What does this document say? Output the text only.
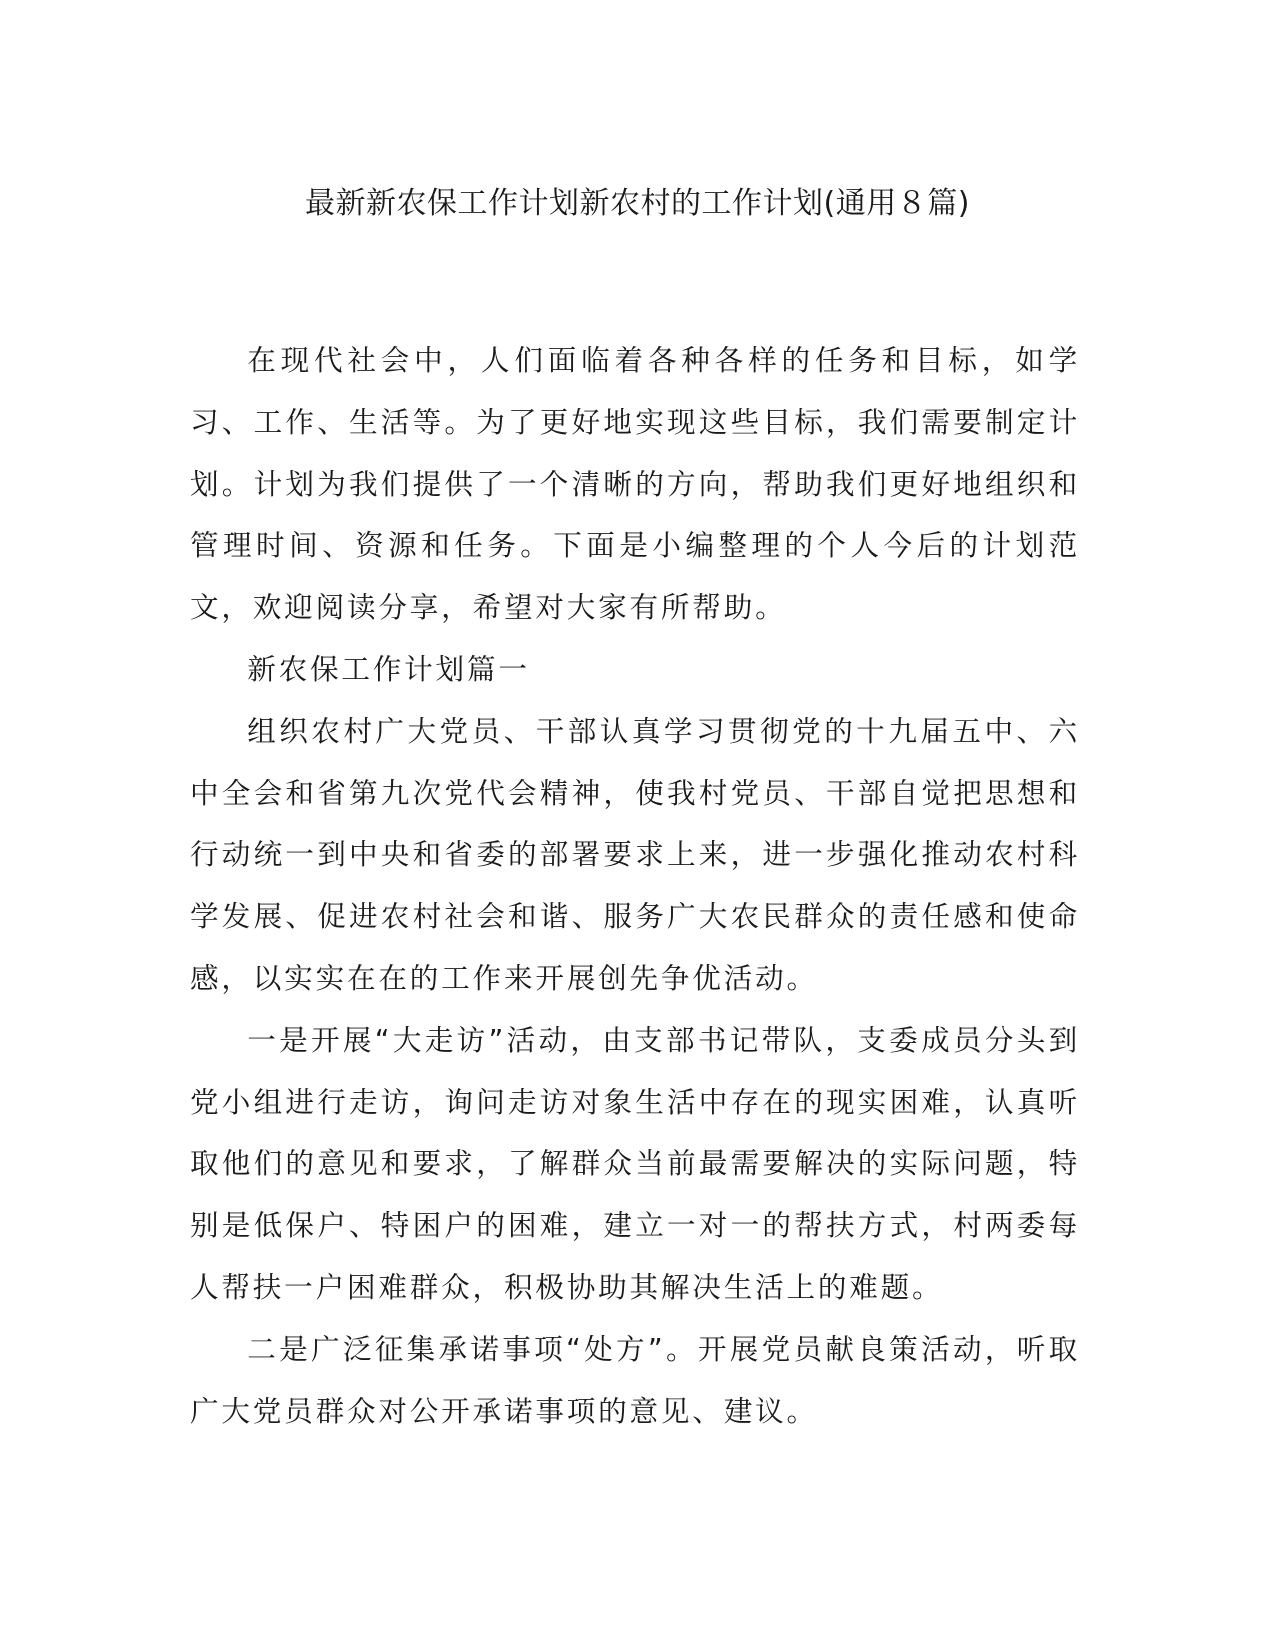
最新新农保工作计划新农村的工作计划(通用８篇)

在现代社会中，人们面临着各种各样的任务和目标，如学习、工作、生活等。为了更好地实现这些目标，我们需要制定计划。计划为我们提供了一个清晰的方向，帮助我们更好地组织和管理时间、资源和任务。下面是小编整理的个人今后的计划范文，欢迎阅读分享，希望对大家有所帮助。

新农保工作计划篇一

组织农村广大党员、干部认真学习贯彻党的十九届五中、六中全会和省第九次党代会精神，使我村党员、干部自觉把思想和行动统一到中央和省委的部署要求上来，进一步强化推动农村科学发展、促进农村社会和谐、服务广大农民群众的责任感和使命感，以实实在在的工作来开展创先争优活动。

一是开展“大走访”活动，由支部书记带队，支委成员分头到党小组进行走访，询问走访对象生活中存在的现实困难，认真听取他们的意见和要求，了解群众当前最需要解决的实际问题，特别是低保户、特困户的困难，建立一对一的帮扶方式，村两委每人帮扶一户困难群众，积极协助其解决生活上的难题。

二是广泛征集承诺事项“处方”。开展党员献良策活动，听取广大党员群众对公开承诺事项的意见、建议。
